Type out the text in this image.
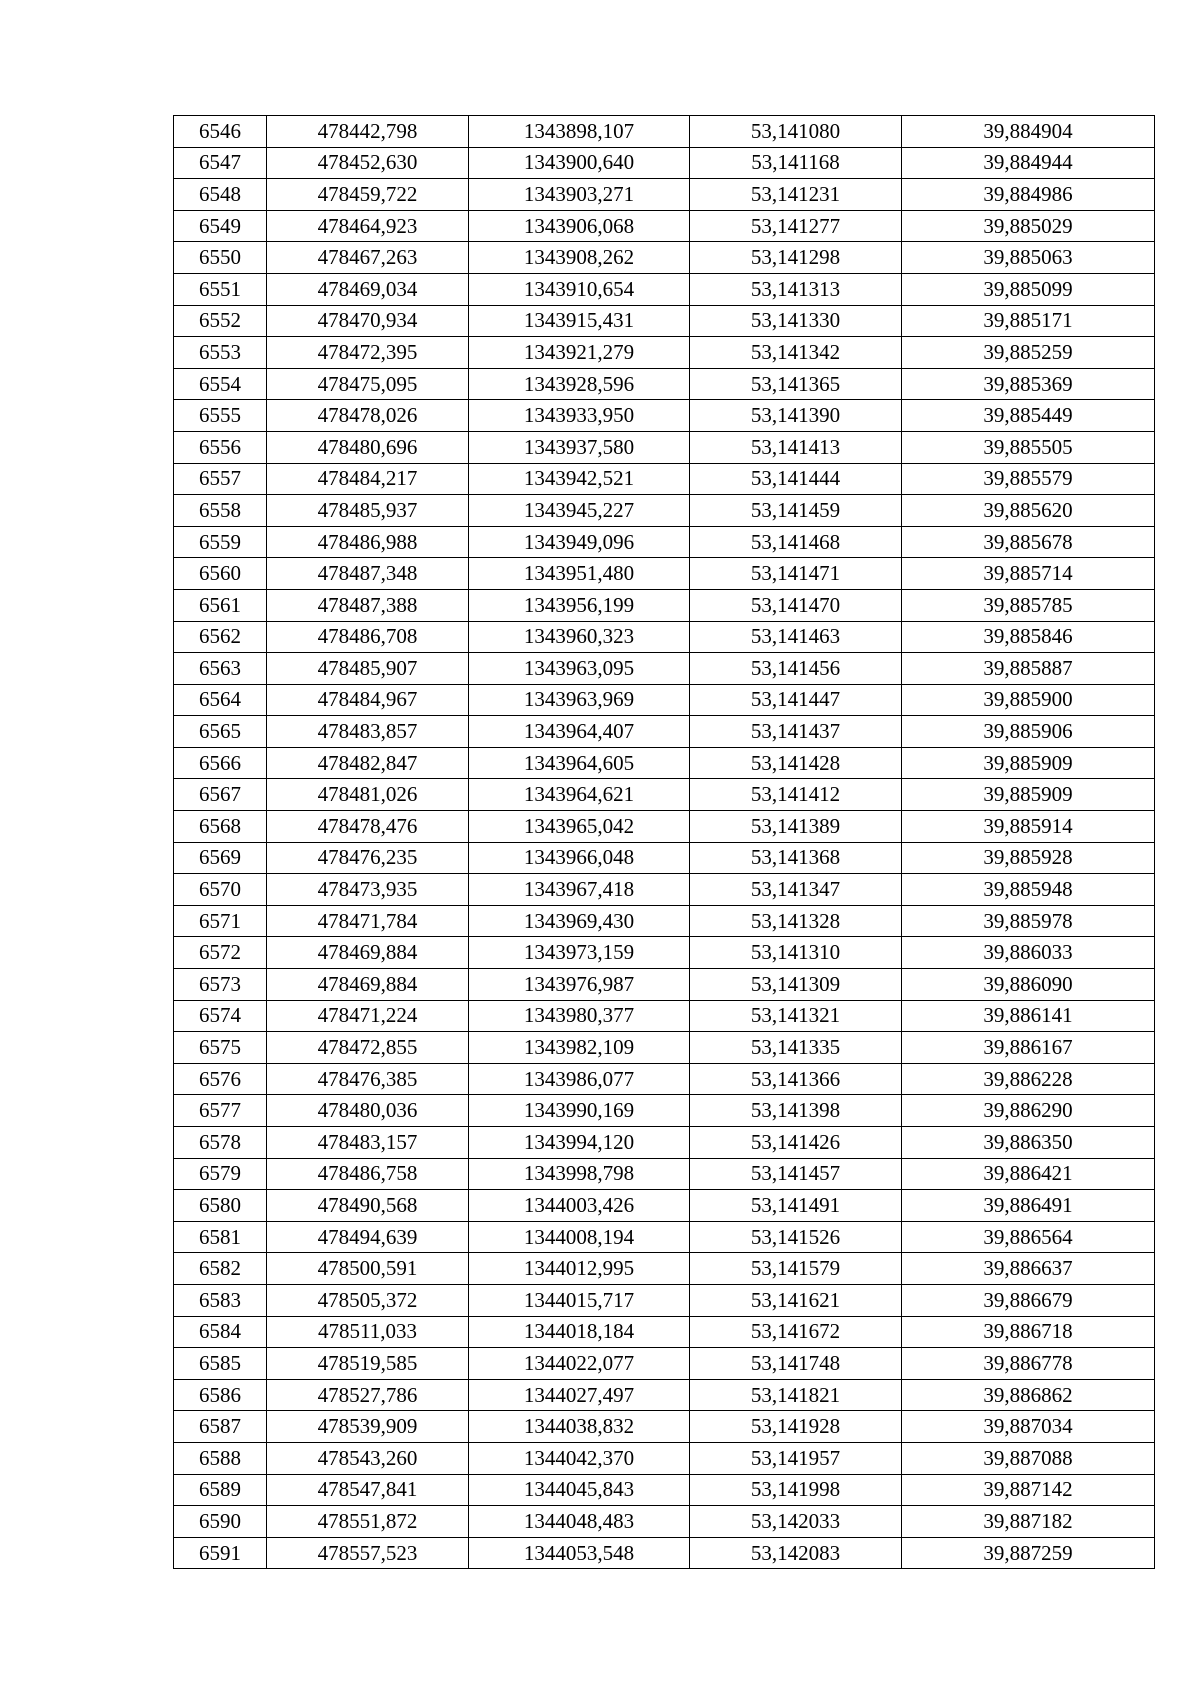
6546	478442,798	1343898,107	53,141080	39,884904
6547	478452,630	1343900,640	53,141168	39,884944
6548	478459,722	1343903,271	53,141231	39,884986
6549	478464,923	1343906,068	53,141277	39,885029
6550	478467,263	1343908,262	53,141298	39,885063
6551	478469,034	1343910,654	53,141313	39,885099
6552	478470,934	1343915,431	53,141330	39,885171
6553	478472,395	1343921,279	53,141342	39,885259
6554	478475,095	1343928,596	53,141365	39,885369
6555	478478,026	1343933,950	53,141390	39,885449
6556	478480,696	1343937,580	53,141413	39,885505
6557	478484,217	1343942,521	53,141444	39,885579
6558	478485,937	1343945,227	53,141459	39,885620
6559	478486,988	1343949,096	53,141468	39,885678
6560	478487,348	1343951,480	53,141471	39,885714
6561	478487,388	1343956,199	53,141470	39,885785
6562	478486,708	1343960,323	53,141463	39,885846
6563	478485,907	1343963,095	53,141456	39,885887
6564	478484,967	1343963,969	53,141447	39,885900
6565	478483,857	1343964,407	53,141437	39,885906
6566	478482,847	1343964,605	53,141428	39,885909
6567	478481,026	1343964,621	53,141412	39,885909
6568	478478,476	1343965,042	53,141389	39,885914
6569	478476,235	1343966,048	53,141368	39,885928
6570	478473,935	1343967,418	53,141347	39,885948
6571	478471,784	1343969,430	53,141328	39,885978
6572	478469,884	1343973,159	53,141310	39,886033
6573	478469,884	1343976,987	53,141309	39,886090
6574	478471,224	1343980,377	53,141321	39,886141
6575	478472,855	1343982,109	53,141335	39,886167
6576	478476,385	1343986,077	53,141366	39,886228
6577	478480,036	1343990,169	53,141398	39,886290
6578	478483,157	1343994,120	53,141426	39,886350
6579	478486,758	1343998,798	53,141457	39,886421
6580	478490,568	1344003,426	53,141491	39,886491
6581	478494,639	1344008,194	53,141526	39,886564
6582	478500,591	1344012,995	53,141579	39,886637
6583	478505,372	1344015,717	53,141621	39,886679
6584	478511,033	1344018,184	53,141672	39,886718
6585	478519,585	1344022,077	53,141748	39,886778
6586	478527,786	1344027,497	53,141821	39,886862
6587	478539,909	1344038,832	53,141928	39,887034
6588	478543,260	1344042,370	53,141957	39,887088
6589	478547,841	1344045,843	53,141998	39,887142
6590	478551,872	1344048,483	53,142033	39,887182
6591	478557,523	1344053,548	53,142083	39,887259
